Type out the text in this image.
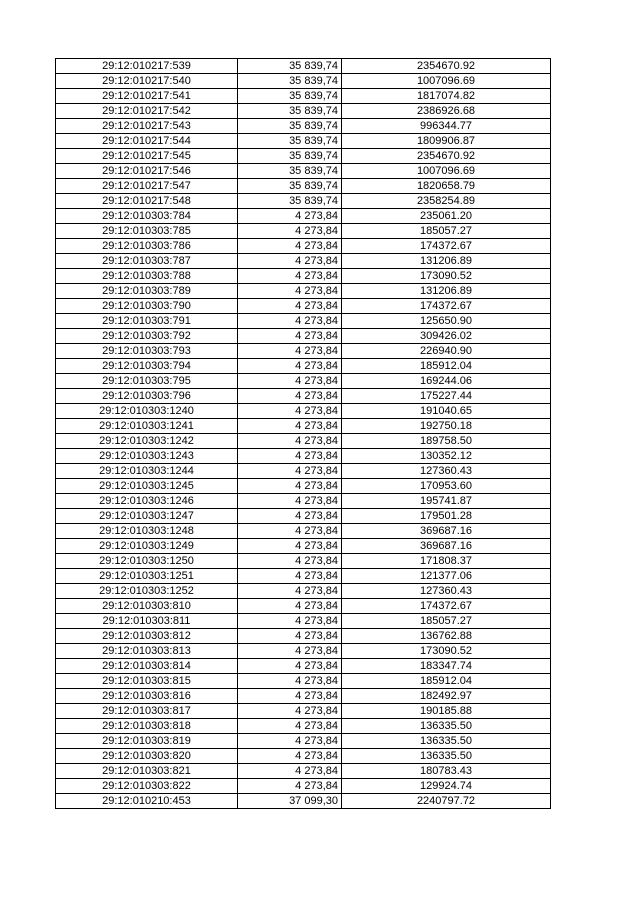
29:12:010217:539	35 839,74	2354670.92
29:12:010217:540	35 839,74	1007096.69
29:12:010217:541	35 839,74	1817074.82
29:12:010217:542	35 839,74	2386926.68
29:12:010217:543	35 839,74	996344.77
29:12:010217:544	35 839,74	1809906.87
29:12:010217:545	35 839,74	2354670.92
29:12:010217:546	35 839,74	1007096.69
29:12:010217:547	35 839,74	1820658.79
29:12:010217:548	35 839,74	2358254.89
29:12:010303:784	4 273,84	235061.20
29:12:010303:785	4 273,84	185057.27
29:12:010303:786	4 273,84	174372.67
29:12:010303:787	4 273,84	131206.89
29:12:010303:788	4 273,84	173090.52
29:12:010303:789	4 273,84	131206.89
29:12:010303:790	4 273,84	174372.67
29:12:010303:791	4 273,84	125650.90
29:12:010303:792	4 273,84	309426.02
29:12:010303:793	4 273,84	226940.90
29:12:010303:794	4 273,84	185912.04
29:12:010303:795	4 273,84	169244.06
29:12:010303:796	4 273,84	175227.44
29:12:010303:1240	4 273,84	191040.65
29:12:010303:1241	4 273,84	192750.18
29:12:010303:1242	4 273,84	189758.50
29:12:010303:1243	4 273,84	130352.12
29:12:010303:1244	4 273,84	127360.43
29:12:010303:1245	4 273,84	170953.60
29:12:010303:1246	4 273,84	195741.87
29:12:010303:1247	4 273,84	179501.28
29:12:010303:1248	4 273,84	369687.16
29:12:010303:1249	4 273,84	369687.16
29:12:010303:1250	4 273,84	171808.37
29:12:010303:1251	4 273,84	121377.06
29:12:010303:1252	4 273,84	127360.43
29:12:010303:810	4 273,84	174372.67
29:12:010303:811	4 273,84	185057.27
29:12:010303:812	4 273,84	136762.88
29:12:010303:813	4 273,84	173090.52
29:12:010303:814	4 273,84	183347.74
29:12:010303:815	4 273,84	185912.04
29:12:010303:816	4 273,84	182492.97
29:12:010303:817	4 273,84	190185.88
29:12:010303:818	4 273,84	136335.50
29:12:010303:819	4 273,84	136335.50
29:12:010303:820	4 273,84	136335.50
29:12:010303:821	4 273,84	180783.43
29:12:010303:822	4 273,84	129924.74
29:12:010210:453	37 099,30	2240797.72
